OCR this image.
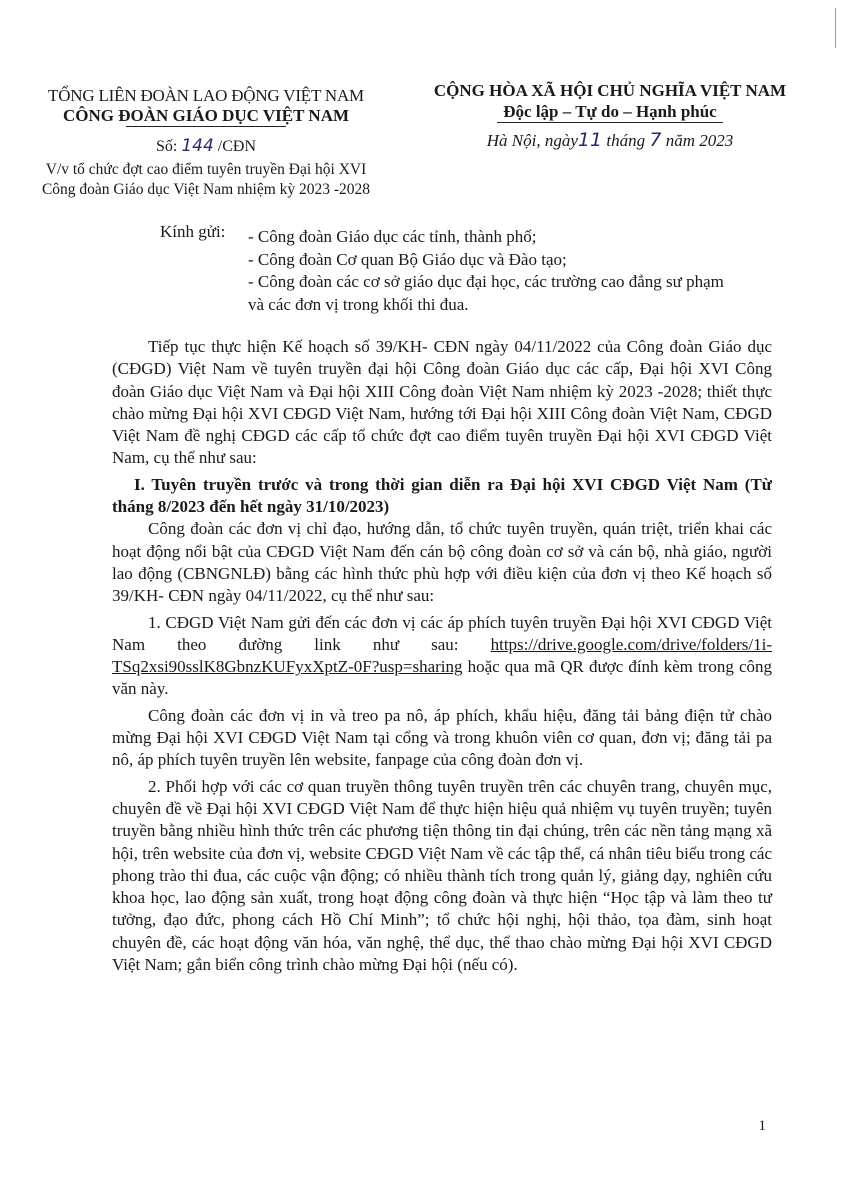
TỔNG LIÊN ĐOÀN LAO ĐỘNG VIỆT NAM
CÔNG ĐOÀN GIÁO DỤC VIỆT NAM
Số: 144 /CĐN
V/v tổ chức đợt cao điểm tuyên truyền Đại hội XVI
Công đoàn Giáo dục Việt Nam nhiệm kỳ 2023 -2028
CỘNG HÒA XÃ HỘI CHỦ NGHĨA VIỆT NAM
Độc lập – Tự do – Hạnh phúc
Hà Nội, ngày11 tháng 7 năm 2023
Kính gửi: - Công đoàn Giáo dục các tỉnh, thành phố;
- Công đoàn Cơ quan Bộ Giáo dục và Đào tạo;
- Công đoàn các cơ sở giáo dục đại học, các trường cao đẳng sư phạm
và các đơn vị trong khối thi đua.

Tiếp tục thực hiện Kế hoạch số 39/KH- CĐN ngày 04/11/2022 của Công đoàn Giáo dục (CĐGD) Việt Nam về tuyên truyền đại hội Công đoàn Giáo dục các cấp, Đại hội XVI Công đoàn Giáo dục Việt Nam và Đại hội XIII Công đoàn Việt Nam nhiệm kỳ 2023 -2028; thiết thực chào mừng Đại hội XVI CĐGD Việt Nam, hướng tới Đại hội XIII Công đoàn Việt Nam, CĐGD Việt Nam đề nghị CĐGD các cấp tổ chức đợt cao điểm tuyên truyền Đại hội XVI CĐGD Việt Nam, cụ thể như sau:

I. Tuyên truyền trước và trong thời gian diễn ra Đại hội XVI CĐGD Việt Nam (Từ tháng 8/2023 đến hết ngày 31/10/2023)

Công đoàn các đơn vị chỉ đạo, hướng dẫn, tổ chức tuyên truyền, quán triệt, triển khai các hoạt động nổi bật của CĐGD Việt Nam đến cán bộ công đoàn cơ sở và cán bộ, nhà giáo, người lao động (CBNGNLĐ) bằng các hình thức phù hợp với điều kiện của đơn vị theo Kế hoạch số 39/KH- CĐN ngày 04/11/2022, cụ thể như sau:

1. CĐGD Việt Nam gửi đến các đơn vị các áp phích tuyên truyền Đại hội XVI CĐGD Việt Nam theo đường link như sau: https://drive.google.com/drive/folders/1i-TSq2xsi90sslK8GbnzKUFyxXptZ-0F?usp=sharing hoặc qua mã QR được đính kèm trong công văn này.

Công đoàn các đơn vị in và treo pa nô, áp phích, khẩu hiệu, đăng tải bảng điện tử chào mừng Đại hội XVI CĐGD Việt Nam tại cổng và trong khuôn viên cơ quan, đơn vị; đăng tải pa nô, áp phích tuyên truyền lên website, fanpage của công đoàn đơn vị.

2. Phối hợp với các cơ quan truyền thông tuyên truyền trên các chuyên trang, chuyên mục, chuyên đề về Đại hội XVI CĐGD Việt Nam để thực hiện hiệu quả nhiệm vụ tuyên truyền; tuyên truyền bằng nhiều hình thức trên các phương tiện thông tin đại chúng, trên các nền tảng mạng xã hội, trên website của đơn vị, website CĐGD Việt Nam về các tập thể, cá nhân tiêu biểu trong các phong trào thi đua, các cuộc vận động; có nhiều thành tích trong quản lý, giảng dạy, nghiên cứu khoa học, lao động sản xuất, trong hoạt động công đoàn và thực hiện “Học tập và làm theo tư tưởng, đạo đức, phong cách Hồ Chí Minh”; tổ chức hội nghị, hội thảo, tọa đàm, sinh hoạt chuyên đề, các hoạt động văn hóa, văn nghệ, thể dục, thể thao chào mừng Đại hội XVI CĐGD Việt Nam; gắn biển công trình chào mừng Đại hội (nếu có).

1
